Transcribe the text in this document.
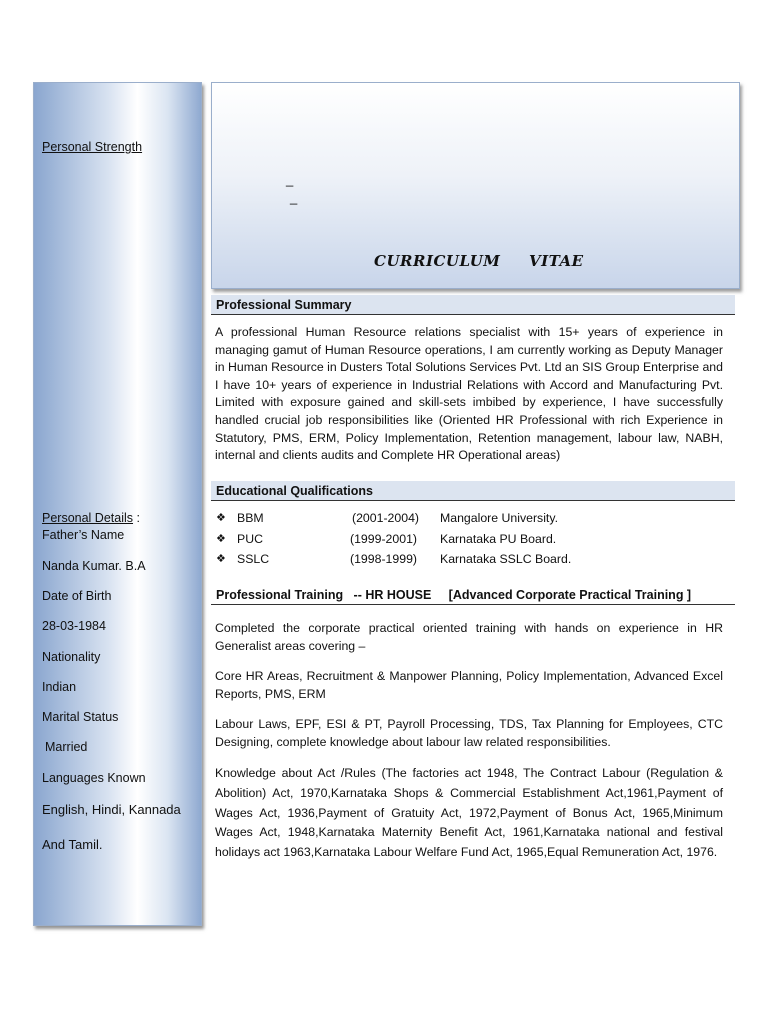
Personal Strength
Personal Details :
Father’s Name
Nanda Kumar. B.A
Date of Birth
28-03-1984
Nationality
Indian
Marital Status
Married
Languages Known
English, Hindi, Kannada
And Tamil.
_
_
CURRICULUM     VITAE
Professional Summary

A professional Human Resource relations specialist with 15+ years of experience in managing gamut of Human Resource operations, I am currently working as Deputy Manager in Human Resource in Dusters Total Solutions Services Pvt. Ltd an SIS Group Enterprise and I have 10+ years of experience in Industrial Relations with Accord and Manufacturing Pvt. Limited with exposure gained and skill-sets imbibed by experience, I have successfully handled crucial job responsibilities like (Oriented HR Professional with rich Experience in Statutory, PMS, ERM, Policy Implementation, Retention management, labour law, NABH, internal and clients audits and Complete HR Operational areas)

Educational Qualifications
❖ BBM	(2001-2004) Mangalore University.
❖ PUC	(1999-2001) Karnataka PU Board.
❖ SSLC	(1998-1999) Karnataka SSLC Board.
Professional Training   -- HR HOUSE     [Advanced Corporate Practical Training ]

Completed the corporate practical oriented training with hands on experience in HR Generalist areas covering –

Core HR Areas, Recruitment & Manpower Planning, Policy Implementation, Advanced Excel Reports, PMS, ERM

Labour Laws, EPF, ESI & PT, Payroll Processing, TDS, Tax Planning for Employees, CTC Designing, complete knowledge about labour law related responsibilities.

Knowledge about Act /Rules (The factories act 1948, The Contract Labour (Regulation & Abolition) Act, 1970,Karnataka Shops & Commercial Establishment Act,1961,Payment of Wages Act, 1936,Payment of Gratuity Act, 1972,Payment of Bonus Act, 1965,Minimum Wages Act, 1948,Karnataka Maternity Benefit Act, 1961,Karnataka national and festival holidays act 1963,Karnataka Labour Welfare Fund Act, 1965,Equal Remuneration Act, 1976.
